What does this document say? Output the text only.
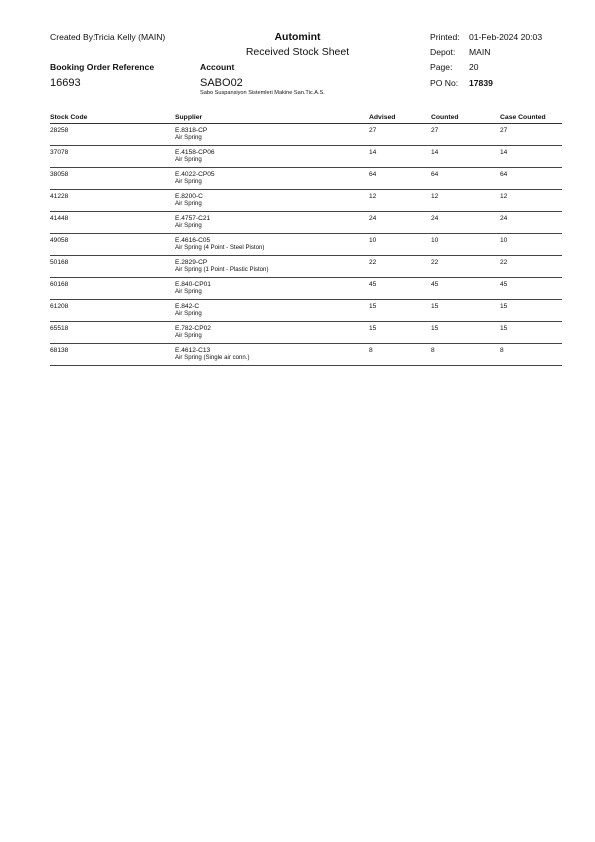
Created By:
Tricia Kelly (MAIN)	Automint
Received Stock Sheet
Printed: 01-Feb-2024 20:03
Depot: MAIN
Page: 20
PO No: 17839
Booking Order Reference
16693
Account
SABO02
Sabo Suspansiyon Sistemleri Makine San.Tic.A.S.
Stock Code	Supplier	Advised	Counted	Case Counted
28258	E.8318-CP
Air Spring	27	27	27
37078	E.4158-CP06
Air Spring	14	14	14
38058	E.4022-CP05
Air Spring	64	64	64
41228	E.8200-C
Air Spring	12	12	12
41448	E.4757-C21
Air Spring	24	24	24
49058	E.4616-C05
Air Spring (4 Point - Steel Piston)	10	10	10
50168	E.2829-CP
Air Spring (1 Point - Plastic Piston)	22	22	22
60168	E.840-CP01
Air Spring	45	45	45
61208	E.842-C
Air Spring	15	15	15
65518	E.782-CP02
Air Spring	15	15	15
68138	E.4612-C13
Air Spring (Single air conn.)	8	8	8
